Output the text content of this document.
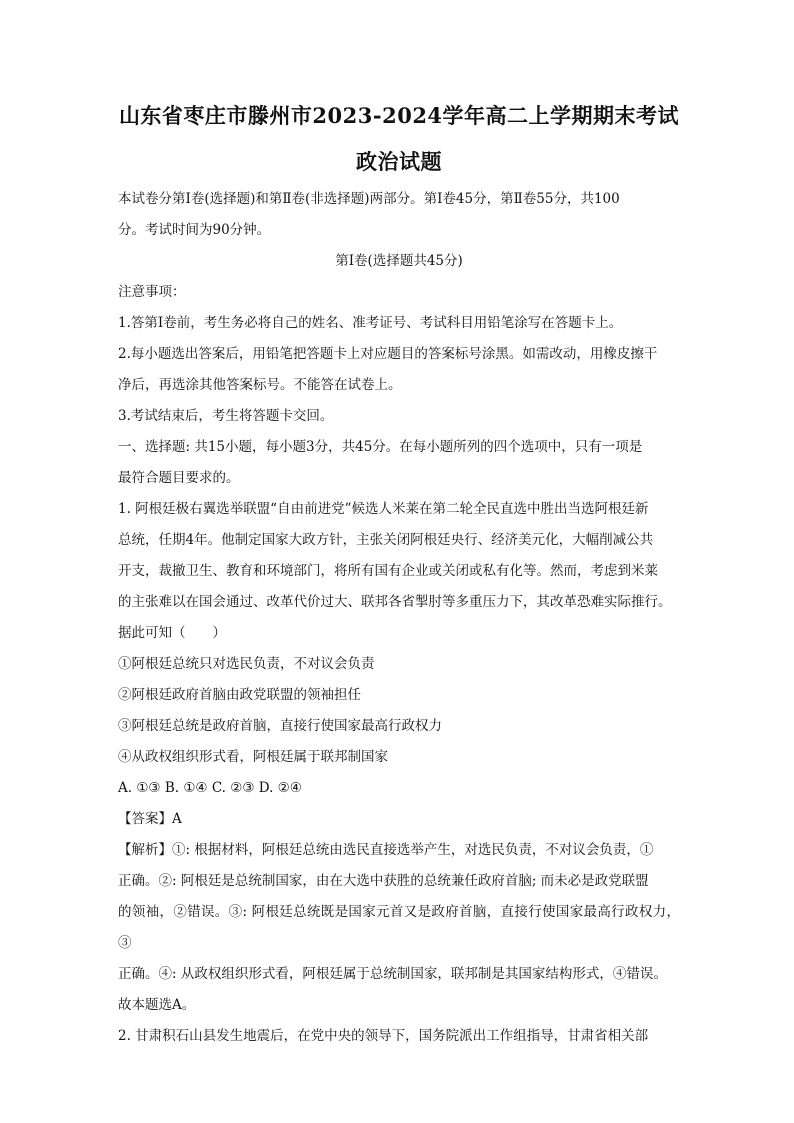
山东省枣庄市滕州市2023-2024学年高二上学期期末考试

政治试题

本试卷分第Ⅰ卷(选择题)和第Ⅱ卷(非选择题)两部分。第Ⅰ卷45分，第Ⅱ卷55分，共100

分。考试时间为90分钟。

第Ⅰ卷(选择题共45分)

注意事项：

1.答第Ⅰ卷前，考生务必将自己的姓名、准考证号、考试科目用铅笔涂写在答题卡上。

2.每小题选出答案后，用铅笔把答题卡上对应题目的答案标号涂黑。如需改动，用橡皮擦干

净后，再选涂其他答案标号。不能答在试卷上。

3.考试结束后，考生将答题卡交回。

一、选择题: 共15小题，每小题3分，共45分。在每小题所列的四个选项中，只有一项是

最符合题目要求的。

1. 阿根廷极右翼选举联盟“自由前进党”候选人米莱在第二轮全民直选中胜出当选阿根廷新

总统，任期4年。他制定国家大政方针，主张关闭阿根廷央行、经济美元化，大幅削减公共

开支，裁撤卫生、教育和环境部门，将所有国有企业或关闭或私有化等。然而，考虑到米莱

的主张难以在国会通过、改革代价过大、联邦各省掣肘等多重压力下，其改革恐难实际推行。

据此可知（　　）

①阿根廷总统只对选民负责，不对议会负责

②阿根廷政府首脑由政党联盟的领袖担任

③阿根廷总统是政府首脑，直接行使国家最高行政权力

④从政权组织形式看，阿根廷属于联邦制国家

A. ①③ B. ①④ C. ②③ D. ②④

【答案】A

【解析】①: 根据材料，阿根廷总统由选民直接选举产生，对选民负责，不对议会负责，①

正确。②: 阿根廷是总统制国家，由在大选中获胜的总统兼任政府首脑; 而未必是政党联盟

的领袖，②错误。③: 阿根廷总统既是国家元首又是政府首脑，直接行使国家最高行政权力，③

正确。④: 从政权组织形式看，阿根廷属于总统制国家，联邦制是其国家结构形式，④错误。

故本题选A。

2. 甘肃积石山县发生地震后，在党中央的领导下，国务院派出工作组指导，甘肃省相关部
